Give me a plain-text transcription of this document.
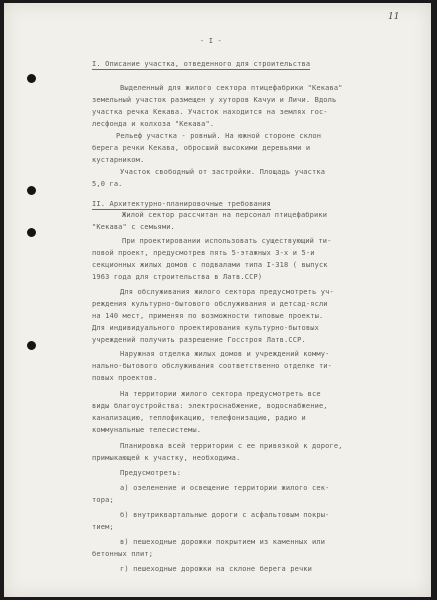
11
- I -
I. Описание участка, отведенного для строительства
Выделенный для жилого сектора птицефабрики "Кекава"
земельный участок размещен у хуторов Качуи и Личи. Вдоль
участка речка Кекава. Участок находится на землях гос-
лесфонда и колхоза "Кекава".
Рельеф участка - ровный. На южной стороне склон
берега речки Кекава, обросший высокими деревьями и
кустарником.
Участок свободный от застройки. Площадь участка
5,0 га.
II. Архитектурно-планировочные требования
Жилой сектор рассчитан на персонал птицефабрики
"Кекава" с семьями.
При проектировании использовать существующий ти-
повой проект, предусмотрев пять 5-этажных 3-х и 5-и
секционных жилых домов с подвалами типа I-318 ( выпуск
1963 года для строительства в Латв.ССР)
Для обслуживания жилого сектора предусмотреть уч-
реждения культурно-бытового обслуживания и детсад-ясли
на 140 мест, применяя по возможности типовые проекты.
Для индивидуального проектирования культурно-бытовых
учреждений получить разрешение Госстроя Латв.ССР.
Наружная отделка жилых домов и учреждений комму-
нально-бытового обслуживания соответственно отделке ти-
повых проектов.
На территории жилого сектора предусмотреть все
виды благоустройства: электроснабжение, водоснабжение,
канализацию, теплофикацию, телефонизацию, радио и
коммунальные телесистемы.
Планировка всей территории с ее привязкой к дороге,
примыкающей к участку, необходима.
Предусмотреть:
а) озеленение и освещение территории жилого сек-
тора;
б) внутриквартальные дороги с асфальтовым покры-
тием;
в) пешеходные дорожки покрытием из каменных или
бетонных плит;
г) пешеходные дорожки на склоне берега речки
